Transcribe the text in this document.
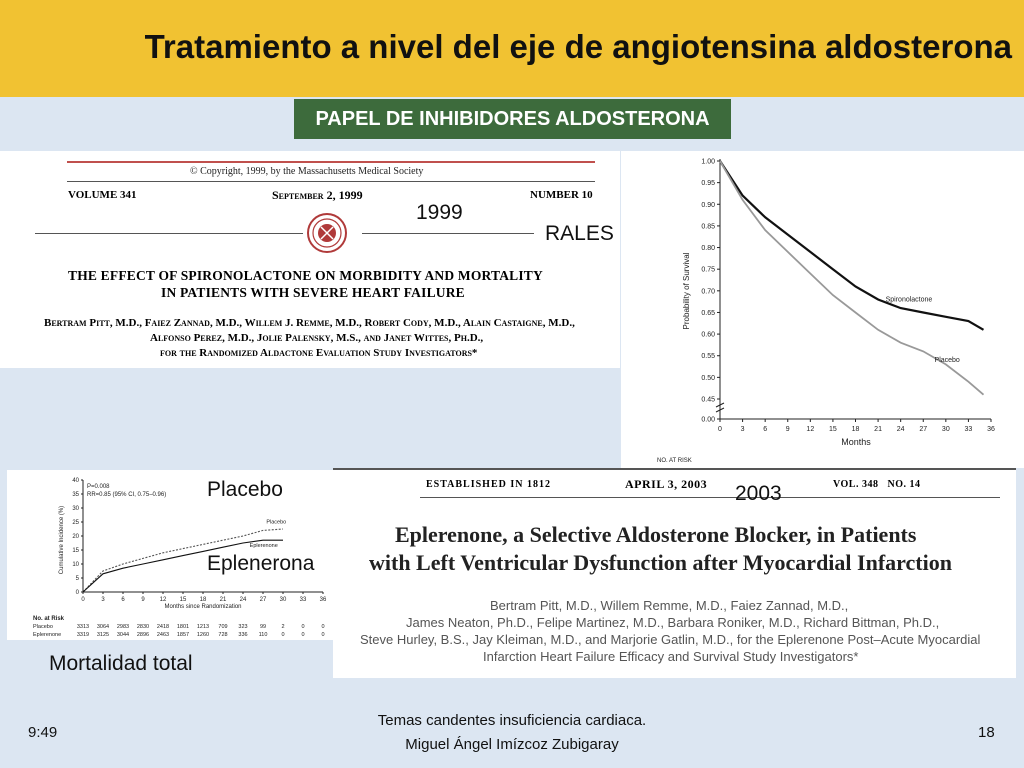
Tratamiento a nivel del eje de angiotensina aldosterona
PAPEL DE INHIBIDORES ALDOSTERONA
© Copyright, 1999, by the Massachusetts Medical Society
VOLUME 341	September 2, 1999	NUMBER 10
THE EFFECT OF SPIRONOLACTONE ON MORBIDITY AND MORTALITY
IN PATIENTS WITH SEVERE HEART FAILURE
Bertram Pitt, M.D., Faiez Zannad, M.D., Willem J. Remme, M.D., Robert Cody, M.D., Alain Castaigne, M.D.,
Alfonso Perez, M.D., Jolie Palensky, M.S., and Janet Wittes, Ph.D.,
for the Randomized Aldactone Evaluation Study Investigators*
1999
RALES
Probability of Survival
Months
NO. AT RISK
1.00
0.95
0.90
0.85
0.80
0.75
0.70
0.65
0.60
0.55
0.50
0.45
0.00
0	3	6	9 12 15 18 21 24 27 30 33 36
Spironolactone
Placebo
Cumulative Incidence (%)
P=0.008
RR=0.85 (95% CI, 0.75–0.96)
Months since Randomization
No. at Risk
40
35
30
25
20
15
10
5
0
0	3	6	9 12 15 18 21 24 27 30 33 36
Placebo
Eplerenone
Placebo	3313 3064 2983 2830 2418 1801 1213 709 323 99	2	0	0
Eplerenone	3319 3125 3044 2896 2463 1857 1260 728 336 110	0	0	0
Placebo
Eplenerona
Mortalidad total
ESTABLISHED IN 1812	APRIL 3, 2003	VOL. 348   NO. 14
Eplerenone, a Selective Aldosterone Blocker, in Patients
with Left Ventricular Dysfunction after Myocardial Infarction
Bertram Pitt, M.D., Willem Remme, M.D., Faiez Zannad, M.D.,
James Neaton, Ph.D., Felipe Martinez, M.D., Barbara Roniker, M.D., Richard Bittman, Ph.D.,
Steve Hurley, B.S., Jay Kleiman, M.D., and Marjorie Gatlin, M.D., for the Eplerenone Post–Acute Myocardial
Infarction Heart Failure Efficacy and Survival Study Investigators*
2003
9:49
Temas candentes insuficiencia cardiaca.
Miguel Ángel Imízcoz Zubigaray
18
